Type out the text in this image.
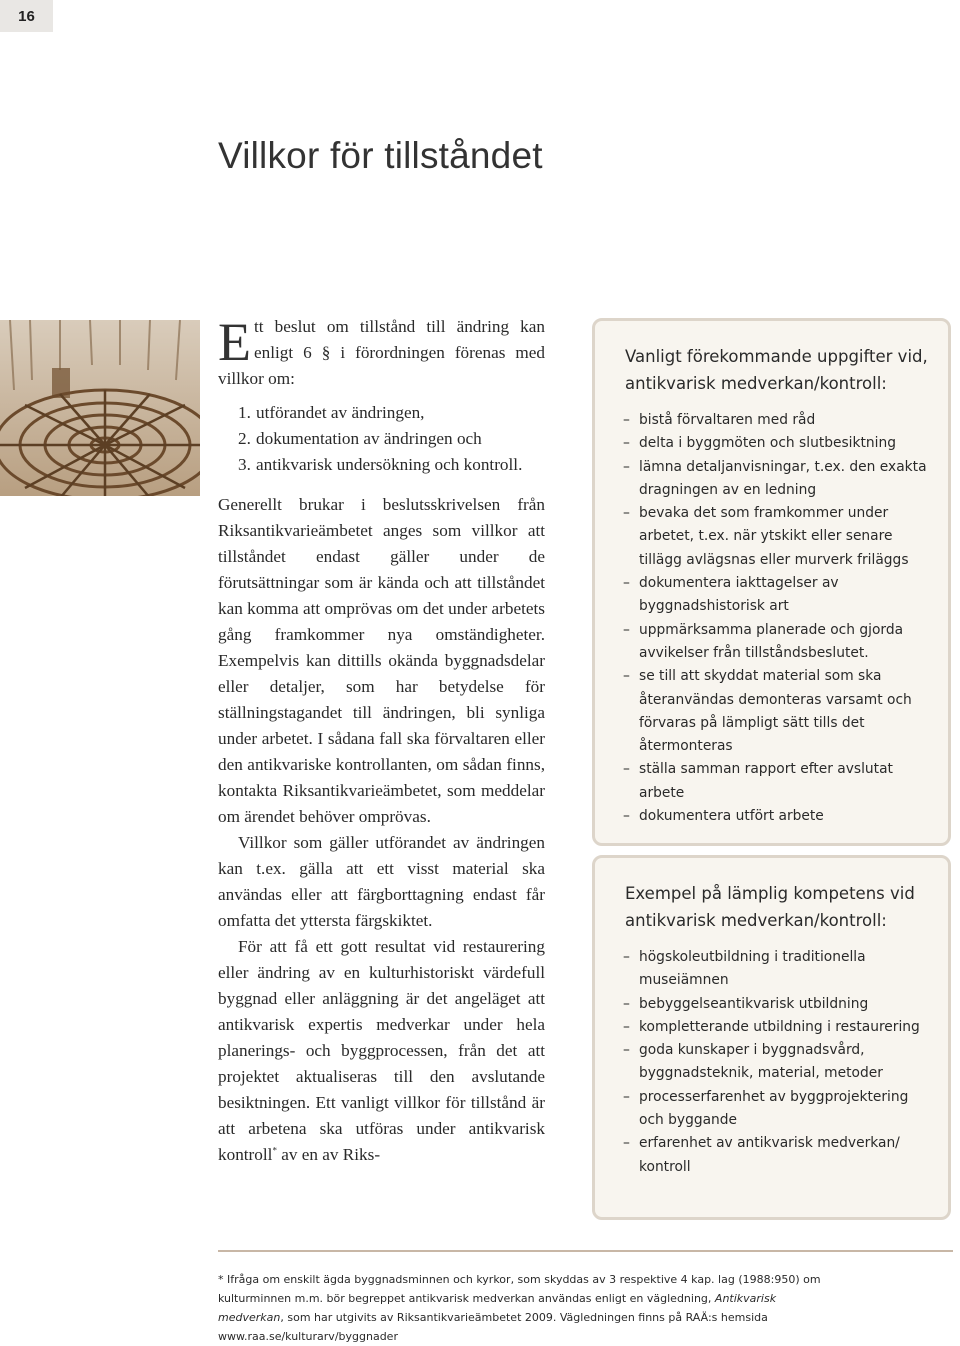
16
Villkor för tillståndet

Ett beslut om tillstånd till ändring kan enligt 6 § i förordningen förenas med villkor om:

1. utförandet av ändringen,
2. dokumentation av ändringen och
3. antikvarisk undersökning och kontroll.

Generellt brukar i beslutsskrivelsen från Riksantikvarieämbetet anges som villkor att tillståndet endast gäller under de förutsättningar som är kända och att tillståndet kan komma att omprövas om det under arbetets gång framkommer nya omständigheter. Exempelvis kan dittills okända byggnadsdelar eller detaljer, som har betydelse för ställningstagandet till ändringen, bli synliga under arbetet. I sådana fall ska förvaltaren eller den antikvariske kontrollanten, om sådan finns, kontakta Riksantikvarieämbetet, som meddelar om ärendet behöver omprövas.

Villkor som gäller utförandet av ändringen kan t.ex. gälla att ett visst material ska användas eller att färgborttagning endast får omfatta det yttersta färgskiktet.

För att få ett gott resultat vid restaurering eller ändring av en kulturhistoriskt värdefull byggnad eller anläggning är det angeläget att antikvarisk expertis medverkar under hela planerings- och byggprocessen, från det att projektet aktualiseras till den avslutande besiktningen. Ett vanligt villkor för tillstånd är att arbetena ska utföras under antikvarisk kontroll* av en av Riks-

Vanligt förekommande uppgifter vid, antikvarisk medverkan/kontroll:
– bistå förvaltaren med råd
– delta i byggmöten och slutbesiktning
– lämna detaljanvisningar, t.ex. den exakta dragningen av en ledning
– bevaka det som framkommer under arbetet, t.ex. när ytskikt eller senare tillägg avlägsnas eller murverk friläggs
– dokumentera iakttagelser av byggnadshistorisk art
– uppmärksamma planerade och gjorda avvikelser från tillståndsbeslutet.
– se till att skyddat material som ska återanvändas demonteras varsamt och förvaras på lämpligt sätt tills det återmonteras
– ställa samman rapport efter avslutat arbete
– dokumentera utfört arbete
Exempel på lämplig kompetens vid antikvarisk medverkan/kontroll:
– högskoleutbildning i traditionella museiämnen
– bebyggelseantikvarisk utbildning
– kompletterande utbildning i restaurering
– goda kunskaper i byggnadsvård, byggnadsteknik, material, metoder
– processerfarenhet av byggprojektering och byggande
– erfarenhet av antikvarisk medverkan/ kontroll
* Ifråga om enskilt ägda byggnadsminnen och kyrkor, som skyddas av 3 respektive 4 kap. lag (1988:950) om kulturminnen m.m. bör begreppet antikvarisk medverkan användas enligt en vägledning, Antikvarisk medverkan, som har utgivits av Riksantikvarieämbetet 2009. Vägledningen finns på RAÄ:s hemsida www.raa.se/kulturarv/byggnader
